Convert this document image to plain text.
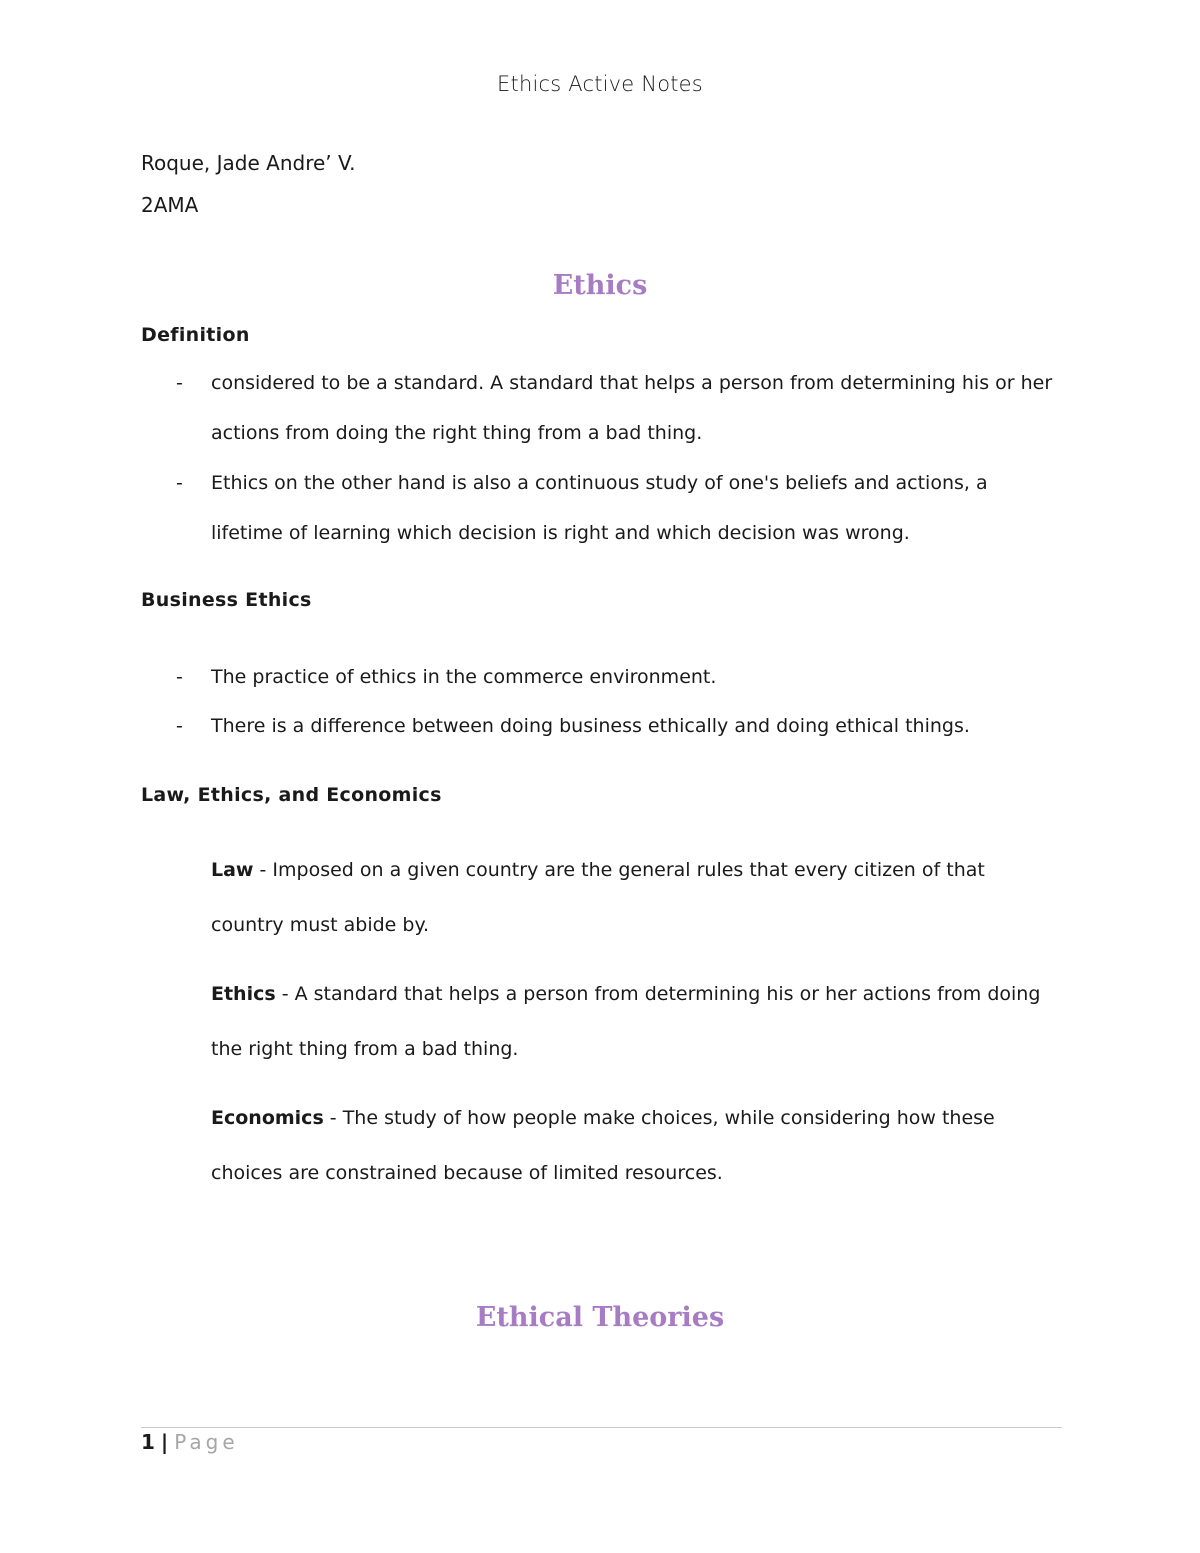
Ethics Active Notes
Roque, Jade Andre’ V.
2AMA
Ethics
Definition
- considered to be a standard. A standard that helps a person from determining his or her actions from doing the right thing from a bad thing.
- Ethics on the other hand is also a continuous study of one's beliefs and actions, a lifetime of learning which decision is right and which decision was wrong.
Business Ethics
- The practice of ethics in the commerce environment.
- There is a difference between doing business ethically and doing ethical things.
Law, Ethics, and Economics
Law - Imposed on a given country are the general rules that every citizen of that country must abide by.
Ethics - A standard that helps a person from determining his or her actions from doing the right thing from a bad thing.
Economics - The study of how people make choices, while considering how these choices are constrained because of limited resources.
Ethical Theories
1 | Page
